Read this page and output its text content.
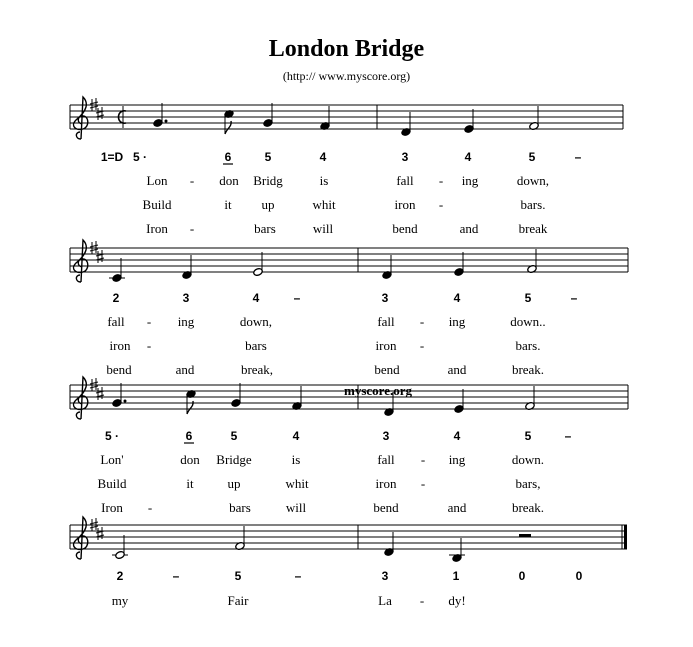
London Bridge
(http:// www.myscore.org)
1=D 5 ·	6	5	4	3	4	5	–
Lon - don Bridg	is	fall - ing	down,
Build	it up	whit	iron -	bars.
Iron -	bars	will	bend	and	break
2	3	4	–	3	4	5	–
fall - ing	down,	fall - ing	down..
iron -	bars	iron -	bars.
bend	and	break,	bend	and	break.
5 ·	6	5	4	3	4	5	–
Lon'	don Bridge	is	fall - ing	down.
Build	it	up	whit	iron -	bars,
Iron -	bars	will	bend	and	break.
2	–	5	–	3	1	0	0
my	Fair	La - dy!
myscore.org
